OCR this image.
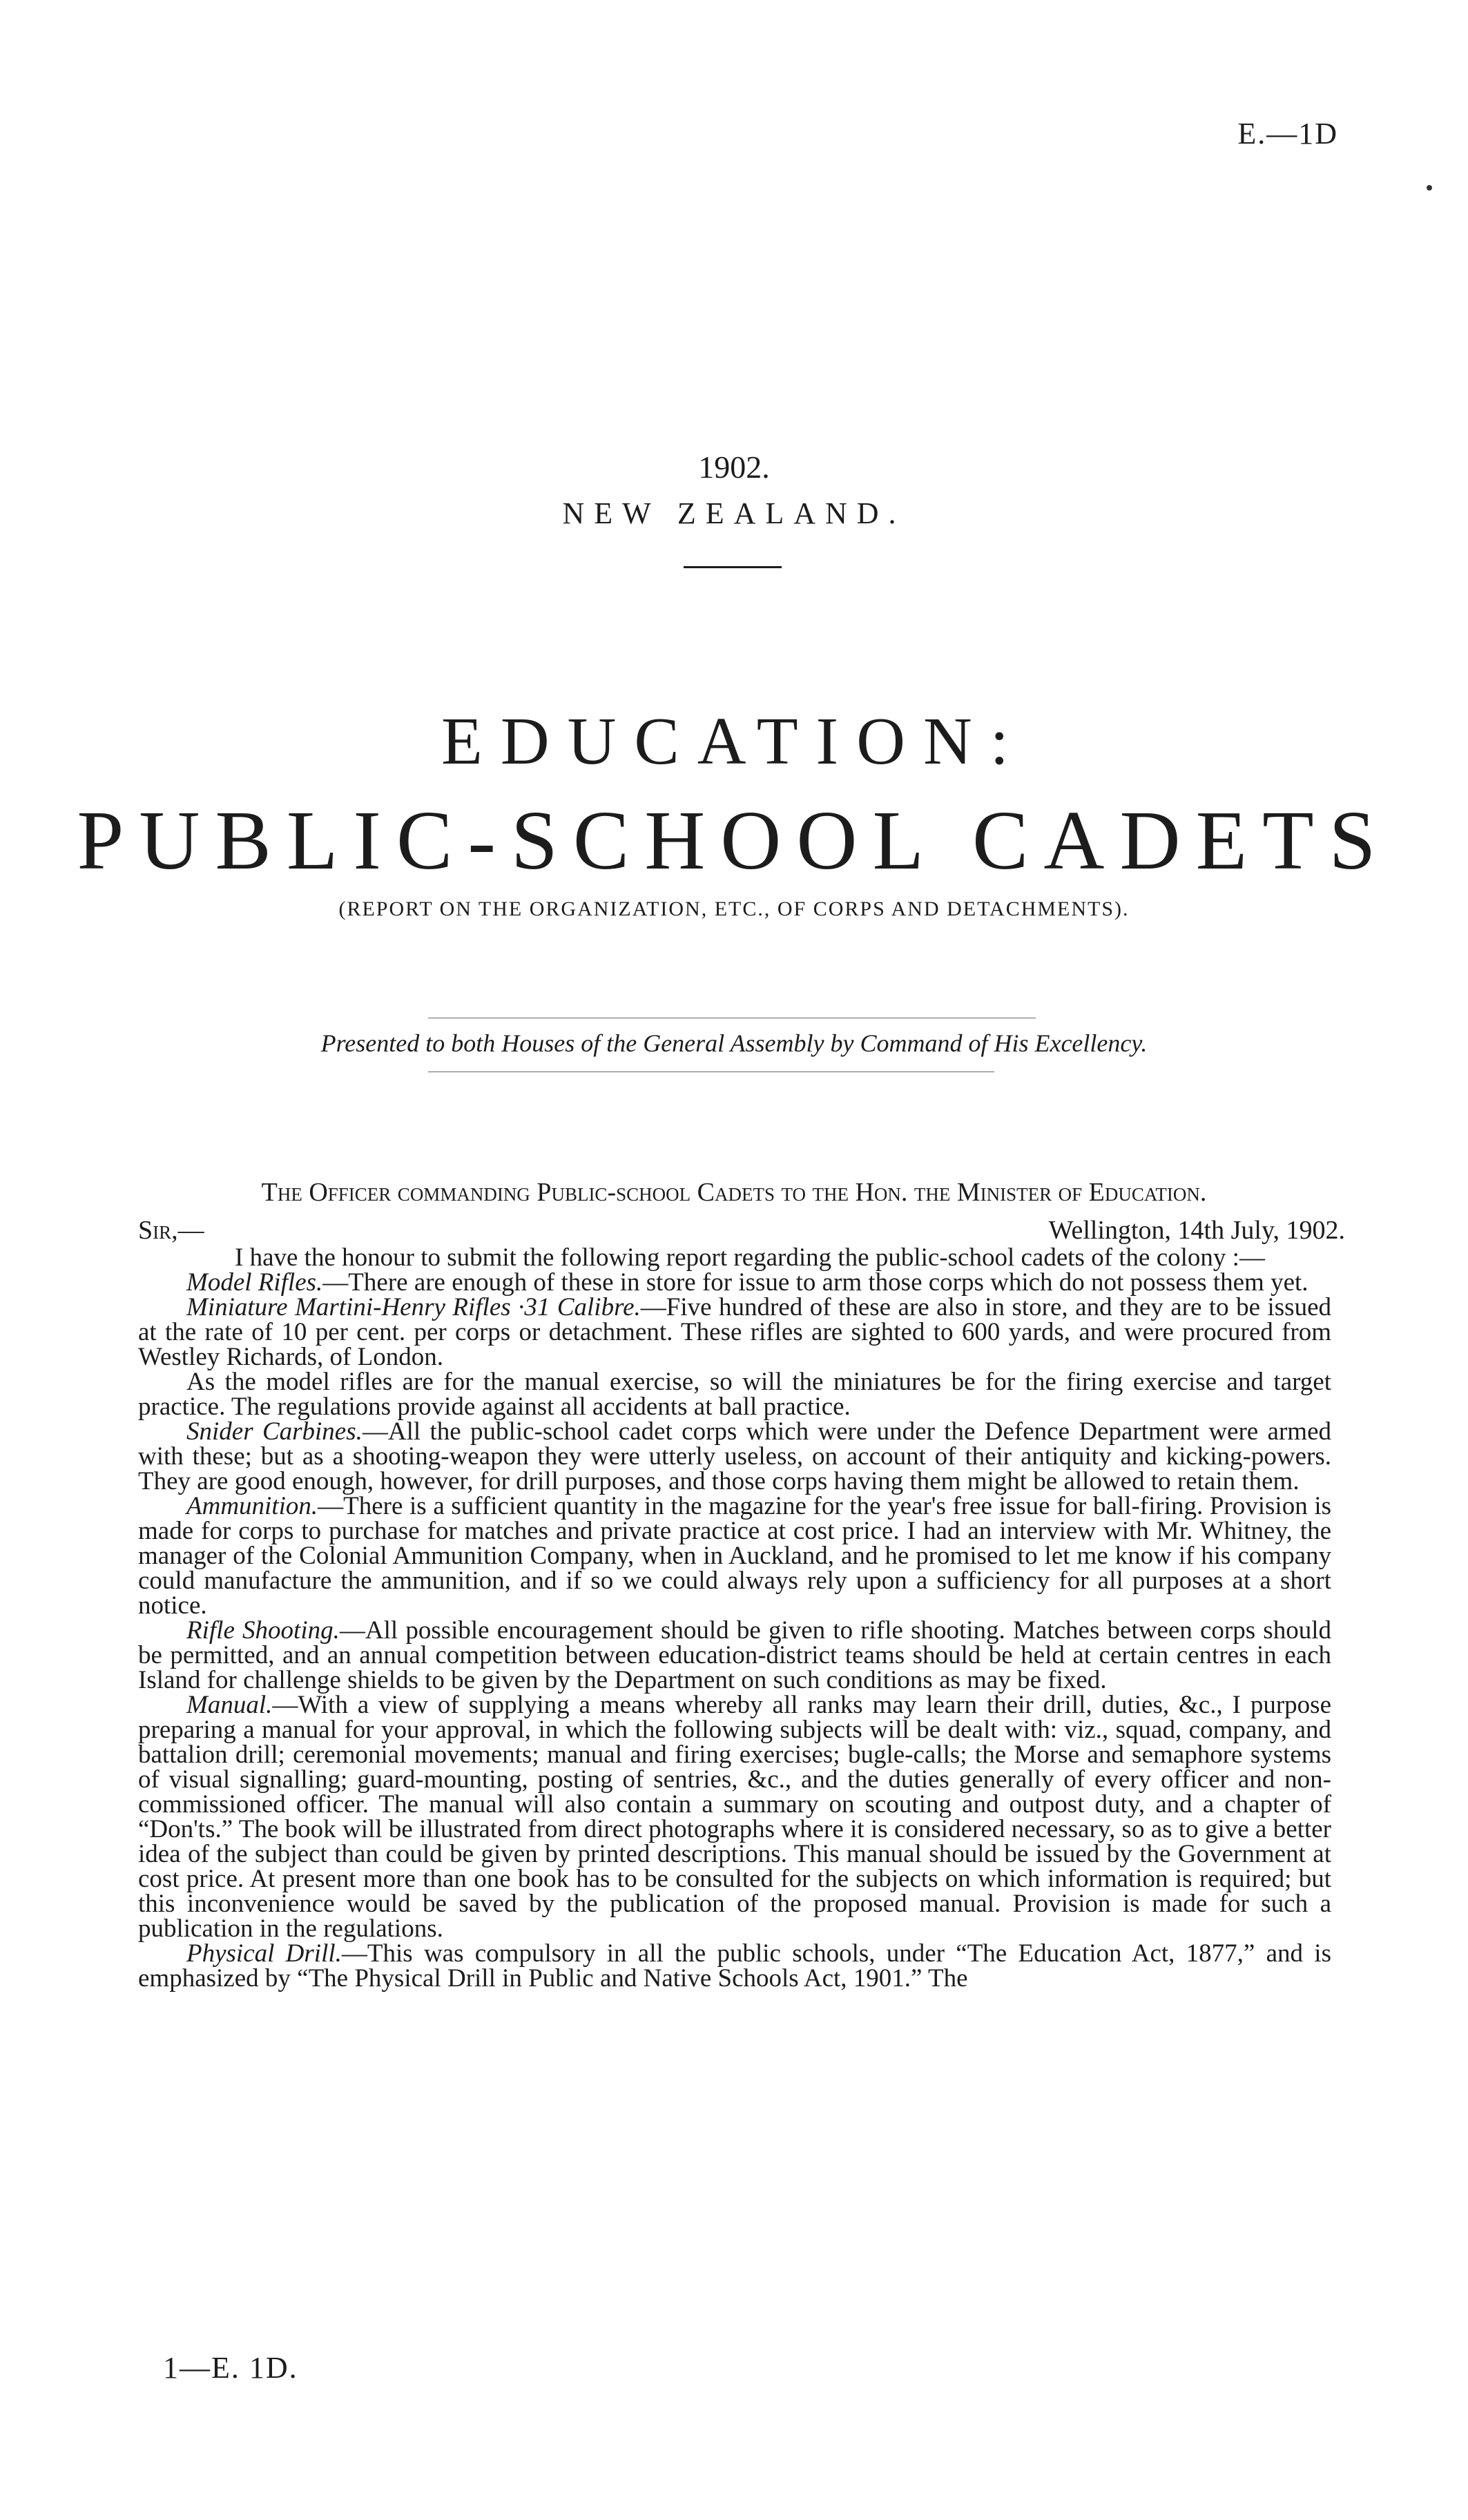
E.—1D
1902.
NEW ZEALAND.
EDUCATION:
PUBLIC-SCHOOL CADETS
(REPORT ON THE ORGANIZATION, ETC., OF CORPS AND DETACHMENTS).
Presented to both Houses of the General Assembly by Command of His Excellency.
The Officer commanding Public-school Cadets to the Hon. the Minister of Education.
Sir,—	Wellington, 14th July, 1902.

I have the honour to submit the following report regarding the public-school cadets of the colony :—

Model Rifles.—There are enough of these in store for issue to arm those corps which do not possess them yet.

Miniature Martini-Henry Rifles ·31 Calibre.—Five hundred of these are also in store, and they are to be issued at the rate of 10 per cent. per corps or detachment. These rifles are sighted to 600 yards, and were procured from Westley Richards, of London.

As the model rifles are for the manual exercise, so will the miniatures be for the firing exercise and target practice. The regulations provide against all accidents at ball practice.

Snider Carbines.—All the public-school cadet corps which were under the Defence Department were armed with these; but as a shooting-weapon they were utterly useless, on account of their antiquity and kicking-powers. They are good enough, however, for drill purposes, and those corps having them might be allowed to retain them.

Ammunition.—There is a sufficient quantity in the magazine for the year's free issue for ball-firing. Provision is made for corps to purchase for matches and private practice at cost price. I had an interview with Mr. Whitney, the manager of the Colonial Ammunition Company, when in Auckland, and he promised to let me know if his company could manufacture the ammunition, and if so we could always rely upon a sufficiency for all purposes at a short notice.

Rifle Shooting.—All possible encouragement should be given to rifle shooting. Matches between corps should be permitted, and an annual competition between education-district teams should be held at certain centres in each Island for challenge shields to be given by the Department on such conditions as may be fixed.

Manual.—With a view of supplying a means whereby all ranks may learn their drill, duties, &c., I purpose preparing a manual for your approval, in which the following subjects will be dealt with: viz., squad, company, and battalion drill; ceremonial movements; manual and firing exercises; bugle-calls; the Morse and semaphore systems of visual signalling; guard-mounting, posting of sentries, &c., and the duties generally of every officer and non-commissioned officer. The manual will also contain a summary on scouting and outpost duty, and a chapter of “Don'ts.” The book will be illustrated from direct photographs where it is considered necessary, so as to give a better idea of the subject than could be given by printed descriptions. This manual should be issued by the Government at cost price. At present more than one book has to be consulted for the subjects on which information is required; but this inconvenience would be saved by the publication of the proposed manual. Provision is made for such a publication in the regulations.

Physical Drill.—This was compulsory in all the public schools, under “The Education Act, 1877,” and is emphasized by “The Physical Drill in Public and Native Schools Act, 1901.” The

1—E. 1D.
